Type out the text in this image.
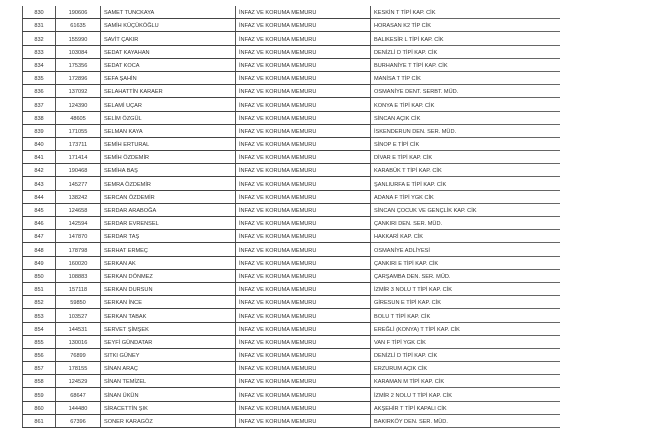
830	190606	SAMET TUNCKAYA	İNFAZ VE KORUMA MEMURU	KESKİN T TİPİ KAP. CİK
831	61635	SAMİH KÜÇÜKÖĞLU	İNFAZ VE KORUMA MEMURU	HORASAN K2 TİP CİK
832	155990	SAVİT ÇAKIR	İNFAZ VE KORUMA MEMURU	BALIKESİR L TİPİ KAP. CİK
833	103084	SEDAT KAYAHAN	İNFAZ VE KORUMA MEMURU	DENİZLİ D TİPİ KAP. CİK
834	175356	SEDAT KOCA	İNFAZ VE KORUMA MEMURU	BURHANİYE T TİPİ KAP. CİK
835	172896	SEFA ŞAHİN	İNFAZ VE KORUMA MEMURU	MANİSA T TİP CİK
836	137092	SELAHATTİN KARAER	İNFAZ VE KORUMA MEMURU	OSMANİYE DENT. SERBT. MÜD.
837	124390	SELAMİ UÇAR	İNFAZ VE KORUMA MEMURU	KONYA E TİPİ KAP. CİK
838	48605	SELİM ÖZGÜL	İNFAZ VE KORUMA MEMURU	SİNCAN AÇIK CİK
839	171055	SELMAN KAYA	İNFAZ VE KORUMA MEMURU	İSKENDERUN DEN. SER. MÜD.
840	173711	SEMİH ERTURAL	İNFAZ VE KORUMA MEMURU	SİNOP E TİPİ CİK
841	171414	SEMİH ÖZDEMİR	İNFAZ VE KORUMA MEMURU	DİVAR E TİPİ KAP. CİK
842	190468	SEMİHA BAŞ	İNFAZ VE KORUMA MEMURU	KARABÜK T TİPİ KAP. CİK
843	145277	SEMRA ÖZDEMİR	İNFAZ VE KORUMA MEMURU	ŞANLIURFA E TİPİ KAP. CİK
844	138242	SERCAN ÖZDEMİR	İNFAZ VE KORUMA MEMURU	ADANA F TİPİ YGK CİK
845	124658	SERDAR ARABOĞA	İNFAZ VE KORUMA MEMURU	SİNCAN ÇOCUK VE GENÇLİK KAP. CİK
846	142594	SERDAR EVRENSEL	İNFAZ VE KORUMA MEMURU	ÇANKIRI DEN. SER. MÜD.
847	147870	SERDAR TAŞ	İNFAZ VE KORUMA MEMURU	HAKKARİ KAP. CİK
848	178798	SERHAT ERMEÇ	İNFAZ VE KORUMA MEMURU	OSMANİYE ADLİYESİ
849	160020	SERKAN AK	İNFAZ VE KORUMA MEMURU	ÇANKIRI E TİPİ KAP. CİK
850	108883	SERKAN DÖNMEZ	İNFAZ VE KORUMA MEMURU	ÇARŞAMBA DEN. SER. MÜD.
851	157118	SERKAN DURSUN	İNFAZ VE KORUMA MEMURU	İZMİR 3 NOLU T TİPİ KAP. CİK
852	59850	SERKAN İNCE	İNFAZ VE KORUMA MEMURU	GİRESUN E TİPİ KAP. CİK
853	103527	SERKAN TABAK	İNFAZ VE KORUMA MEMURU	BOLU T TİPİ KAP. CİK
854	144531	SERVET ŞİMŞEK	İNFAZ VE KORUMA MEMURU	EREĞLİ (KONYA) T TİPİ KAP. CİK
855	130016	SEYFİ GÜNDATAR	İNFAZ VE KORUMA MEMURU	VAN F TİPİ YGK CİK
856	76899	SITKI GÜNEY	İNFAZ VE KORUMA MEMURU	DENİZLİ D TİPİ KAP. CİK
857	178155	SİNAN ARAÇ	İNFAZ VE KORUMA MEMURU	ERZURUM AÇIK CİK
858	124529	SİNAN TEMİZEL	İNFAZ VE KORUMA MEMURU	KARAMAN M TİPİ KAP. CİK
859	68647	SİNAN ÜKÜN	İNFAZ VE KORUMA MEMURU	İZMİR 2 NOLU T TİPİ KAP. CİK
860	144480	SİRACETTİN ŞIK	İNFAZ VE KORUMA MEMURU	AKŞEHİR T TİPİ KAPALI CİK
861	67396	SONER KARAGÖZ	İNFAZ VE KORUMA MEMURU	BAKIRKÖY DEN. SER. MÜD.
